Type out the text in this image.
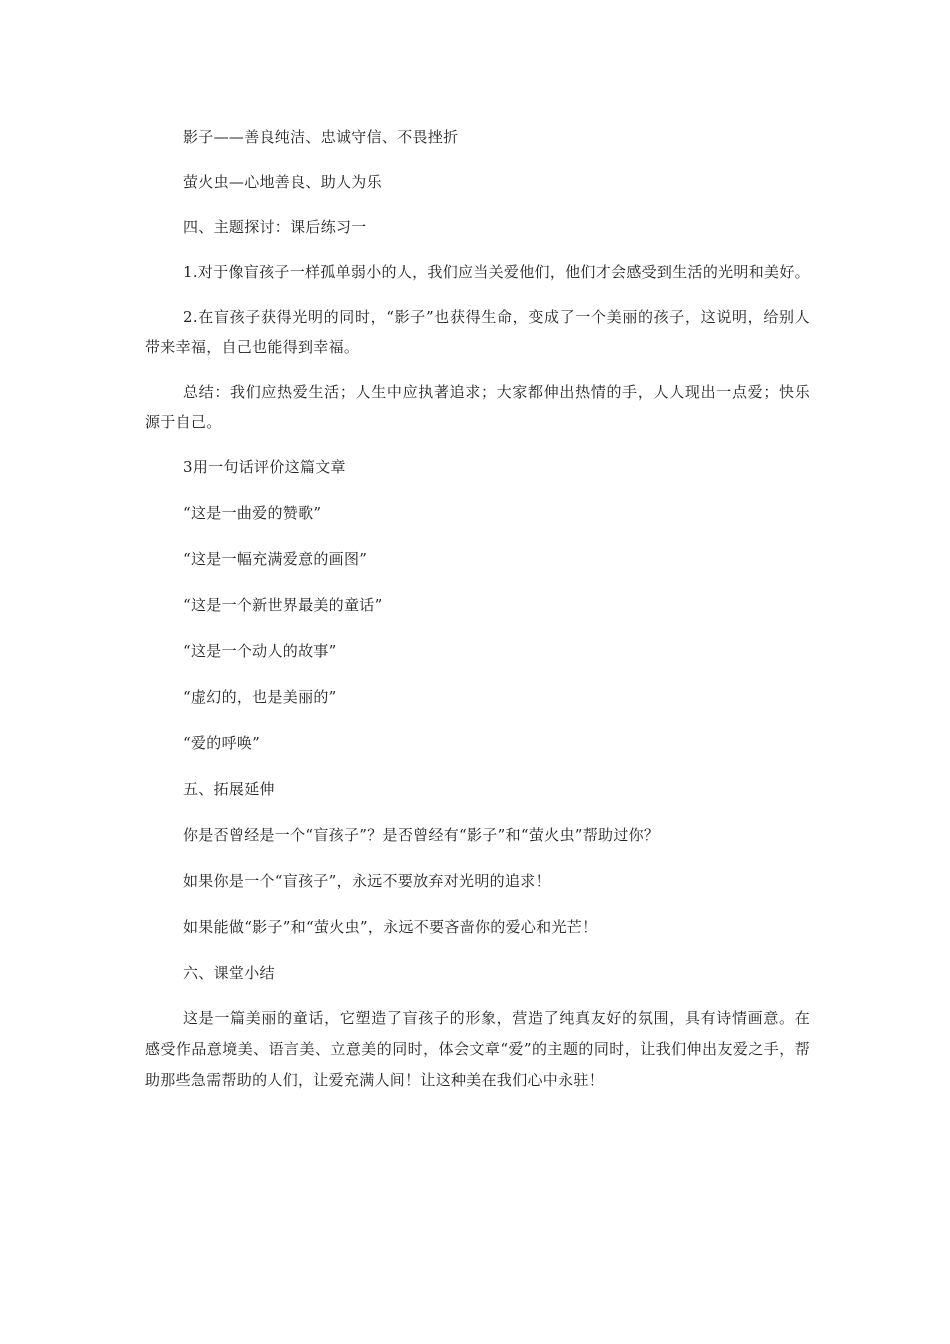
影子——善良纯洁、忠诚守信、不畏挫折

萤火虫—心地善良、助人为乐

四、主题探讨：课后练习一

1.对于像盲孩子一样孤单弱小的人，我们应当关爱他们，他们才会感受到生活的光明和美好。

2.在盲孩子获得光明的同时，“影子”也获得生命，变成了一个美丽的孩子，这说明，给别人带来幸福，自己也能得到幸福。

总结：我们应热爱生活；人生中应执著追求；大家都伸出热情的手，人人现出一点爱；快乐源于自己。

3用一句话评价这篇文章

“这是一曲爱的赞歌”

“这是一幅充满爱意的画图”

“这是一个新世界最美的童话”

“这是一个动人的故事”

“虚幻的，也是美丽的”

“爱的呼唤”

五、拓展延伸

你是否曾经是一个“盲孩子”？是否曾经有“影子”和“萤火虫”帮助过你？

如果你是一个“盲孩子”，永远不要放弃对光明的追求！

如果能做“影子”和“萤火虫”，永远不要吝啬你的爱心和光芒！

六、课堂小结

这是一篇美丽的童话，它塑造了盲孩子的形象，营造了纯真友好的氛围，具有诗情画意。在感受作品意境美、语言美、立意美的同时，体会文章“爱”的主题的同时，让我们伸出友爱之手，帮助那些急需帮助的人们，让爱充满人间！让这种美在我们心中永驻！
